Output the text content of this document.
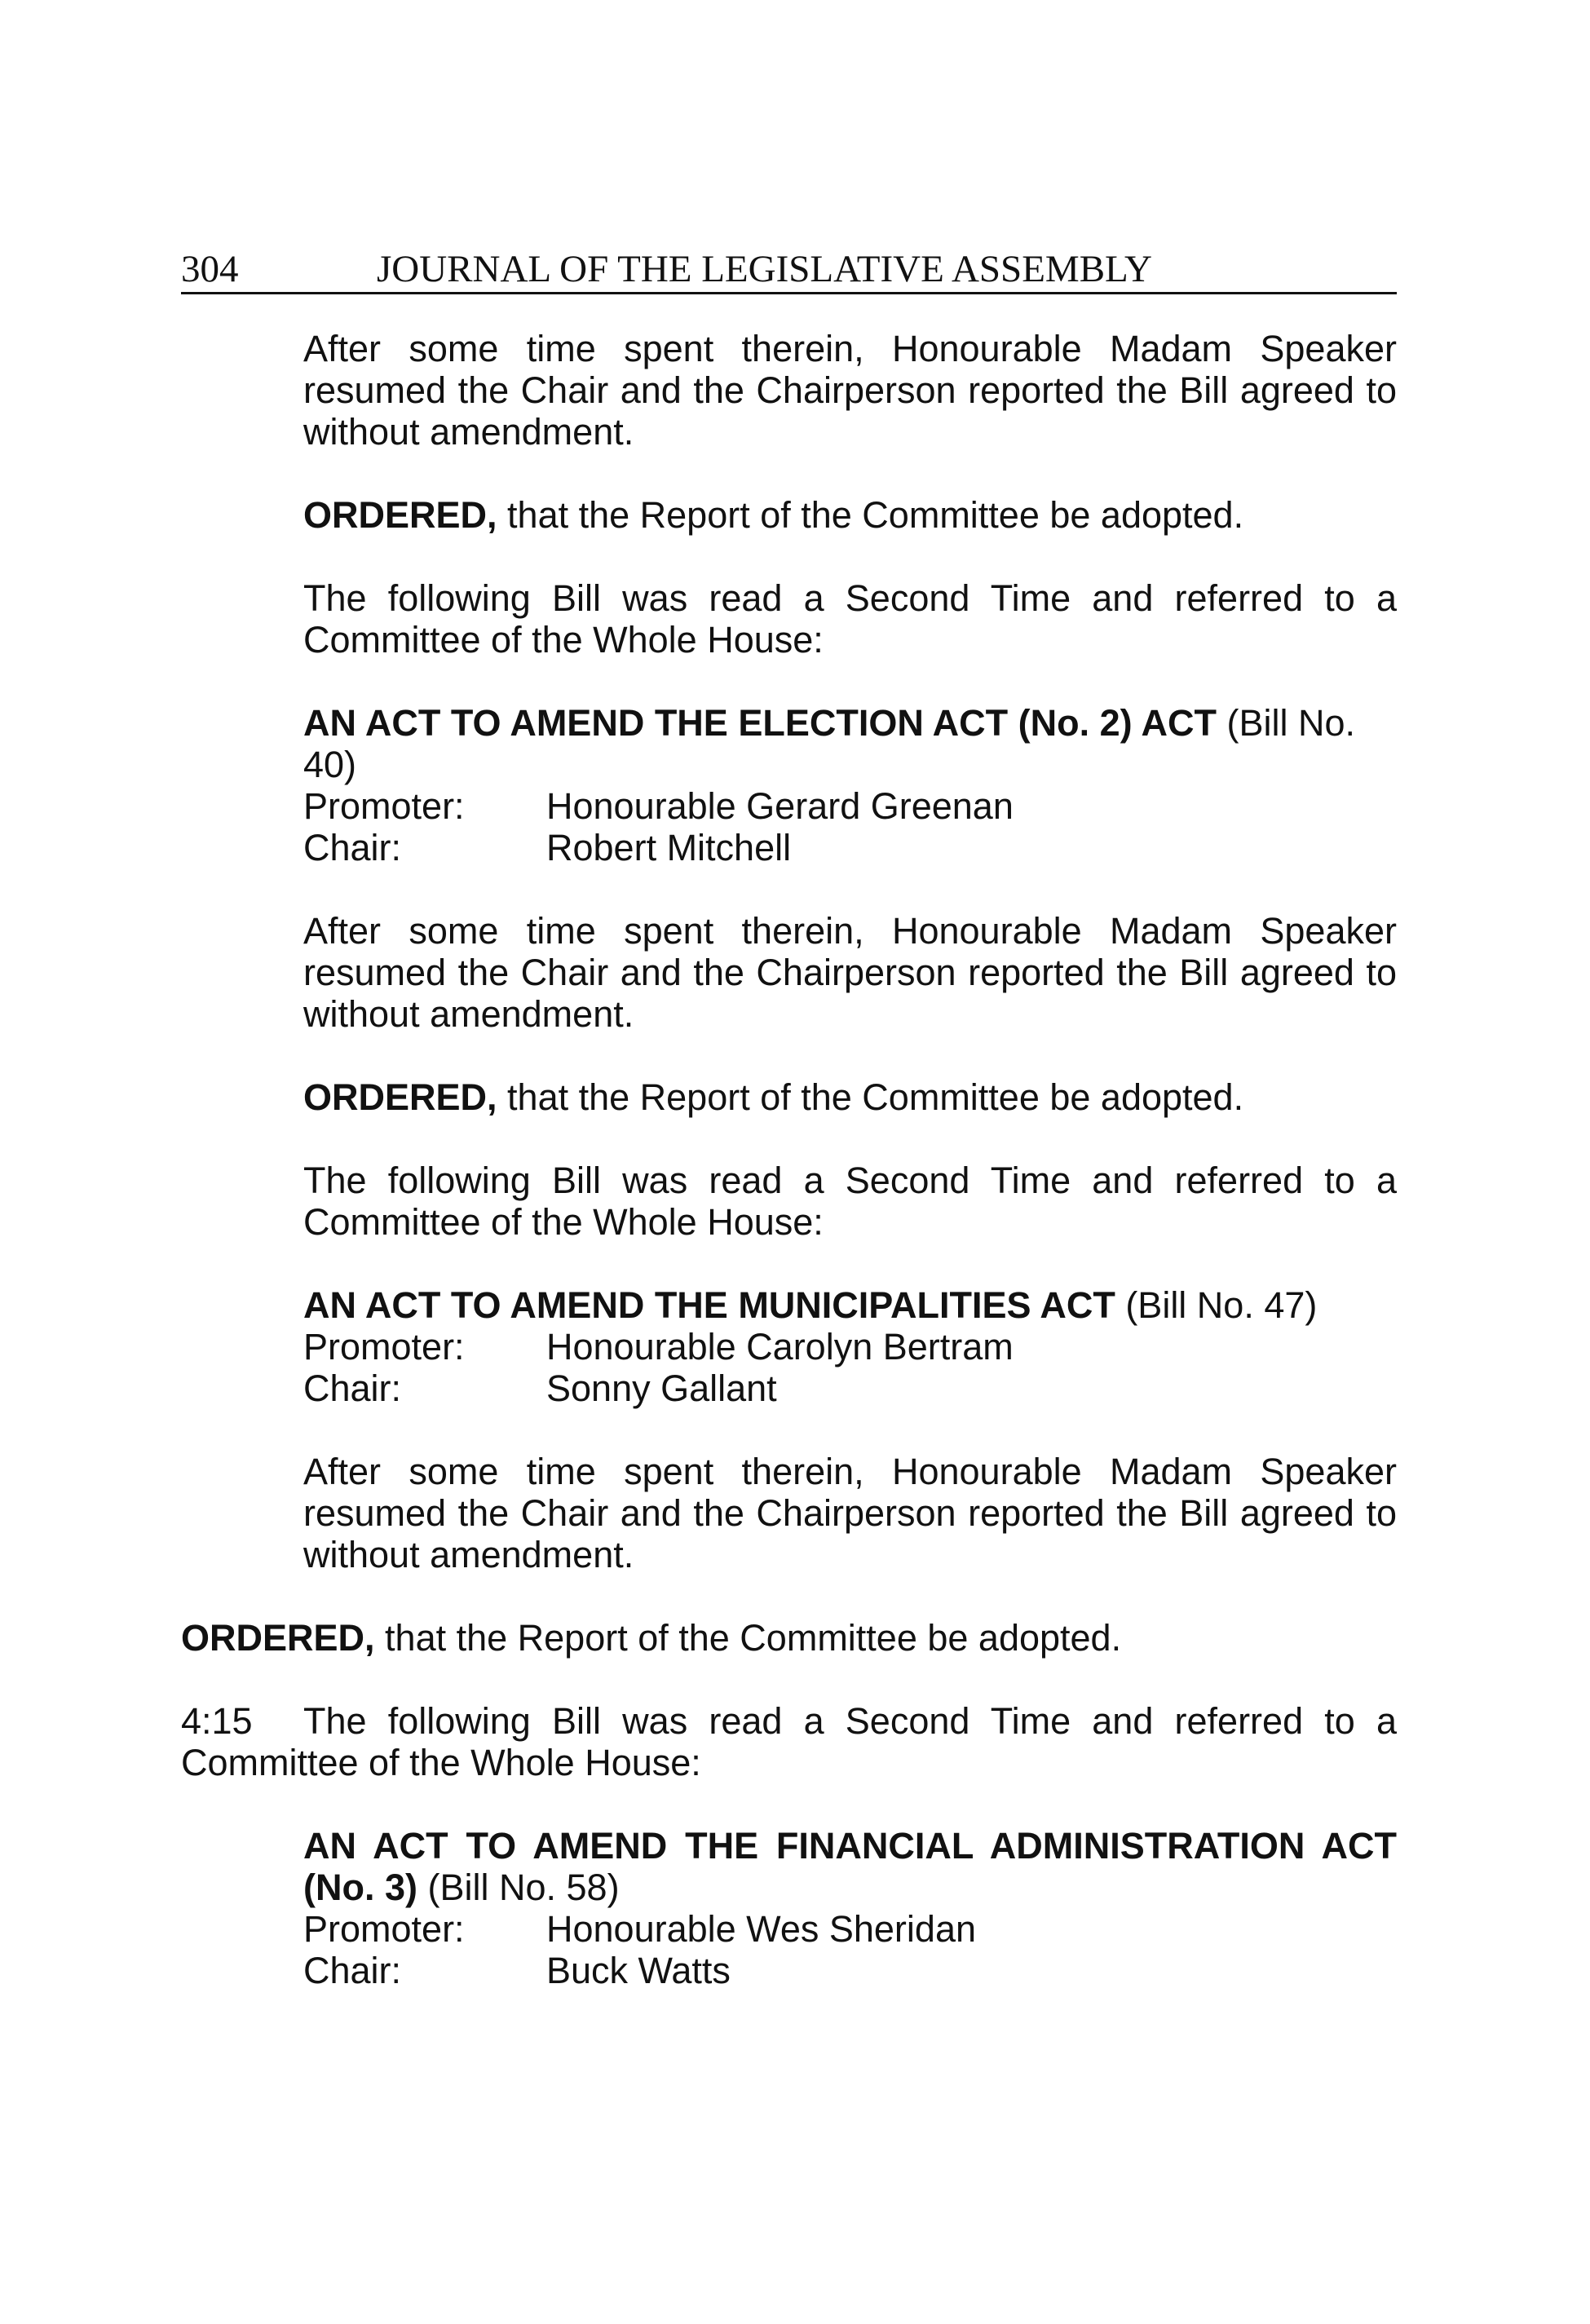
304	JOURNAL OF THE LEGISLATIVE ASSEMBLY

After some time spent therein, Honourable Madam Speaker resumed the Chair and the Chairperson reported the Bill agreed to without amendment.

ORDERED, that the Report of the Committee be adopted.

The following Bill was read a Second Time and referred to a Committee of the Whole House:

AN ACT TO AMEND THE ELECTION ACT (No. 2) ACT (Bill No. 40)

Promoter:	Honourable Gerard Greenan
Chair:	Robert Mitchell

After some time spent therein, Honourable Madam Speaker resumed the Chair and the Chairperson reported the Bill agreed to without amendment.

ORDERED, that the Report of the Committee be adopted.

The following Bill was read a Second Time and referred to a Committee of the Whole House:

AN ACT TO AMEND THE MUNICIPALITIES ACT (Bill No. 47)

Promoter:	Honourable Carolyn Bertram
Chair:	Sonny Gallant

After some time spent therein, Honourable Madam Speaker resumed the Chair and the Chairperson reported the Bill agreed to without amendment.

ORDERED, that the Report of the Committee be adopted.

4:15	The following Bill was read a Second Time and referred to a

Committee of the Whole House:

AN ACT TO AMEND THE FINANCIAL ADMINISTRATION ACT (No. 3) (Bill No. 58)

Promoter:	Honourable Wes Sheridan
Chair:	Buck Watts
